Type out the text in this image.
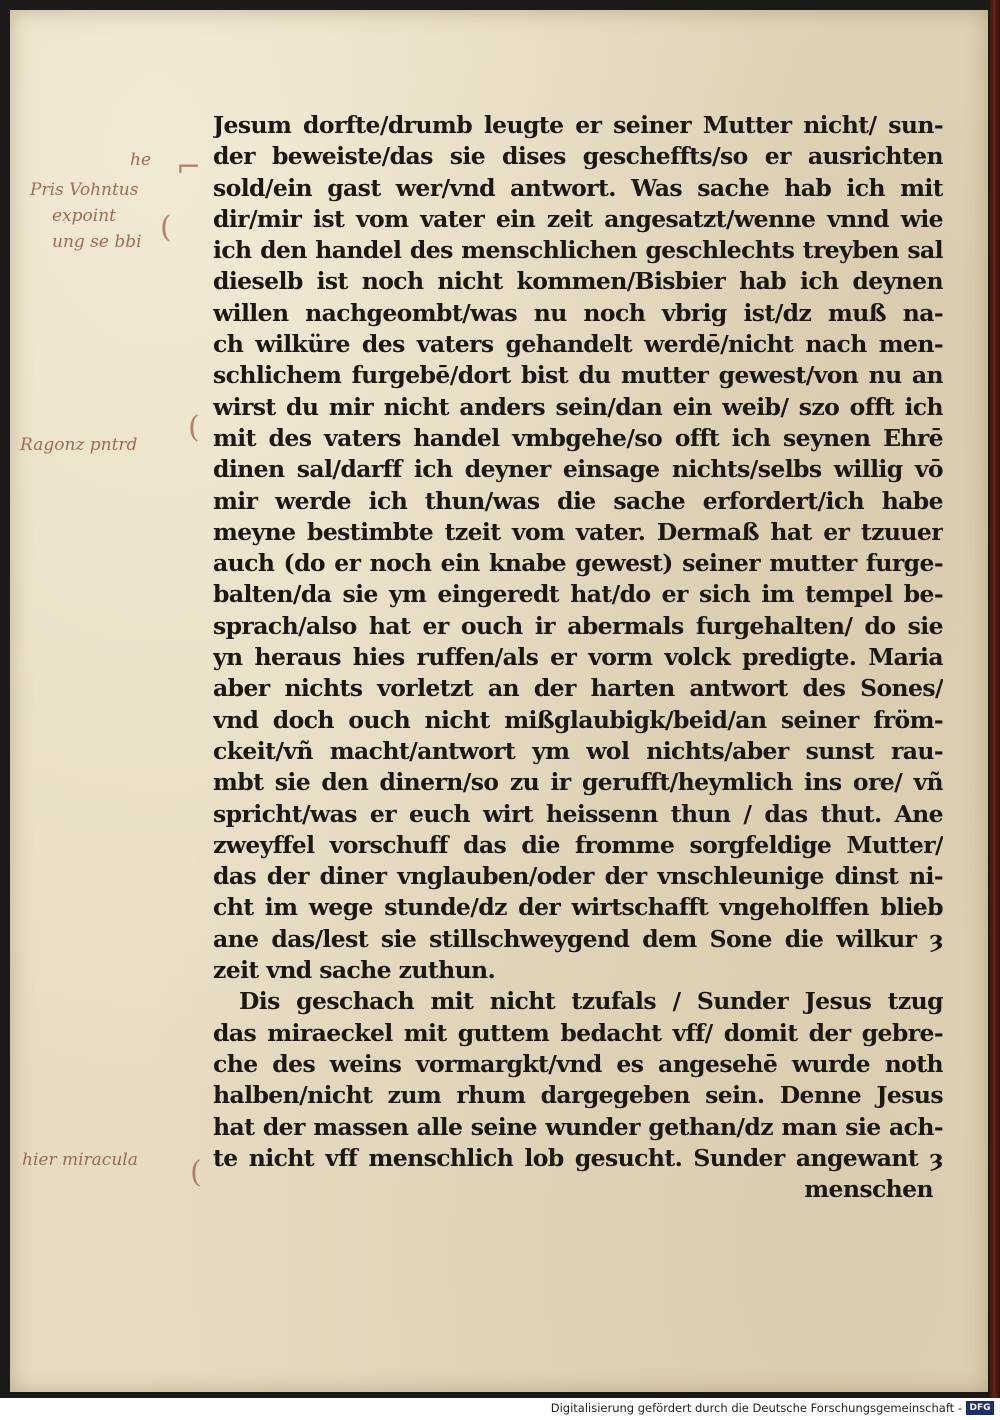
Pris Vohntus
expoint
ung se bbi
he
Ragonz pntrd
hier miracula
⌐
(
(
(
Jesum dorfte/drumb leugte er seiner Mutter nicht/ sun-
der beweiste/das sie dises gescheffts/so er ausrichten
sold/ein gast wer/vnd antwort. Was sache hab ich mit
dir/mir ist vom vater ein zeit angesatzt/wenne vnnd wie
ich den handel des menschlichen geschlechts treyben sal
dieselb ist noch nicht kommen/Bisbier hab ich deynen
willen nachgeombt/was nu noch vbrig ist/dz muß na-
ch wilküre des vaters gehandelt werdē/nicht nach men-
schlichem furgebē/dort bist du mutter gewest/von nu an
wirst du mir nicht anders sein/dan ein weib/ szo offt ich
mit des vaters handel vmbgehe/so offt ich seynen Ehrē
dinen sal/darff ich deyner einsage nichts/selbs willig vō
mir werde ich thun/was die sache erfordert/ich habe
meyne bestimbte tzeit vom vater. Dermaß hat er tzuuer
auch (do er noch ein knabe gewest) seiner mutter furge-
balten/da sie ym eingeredt hat/do er sich im tempel be-
sprach/also hat er ouch ir abermals furgehalten/ do sie
yn heraus hies ruffen/als er vorm volck predigte. Maria
aber nichts vorletzt an der harten antwort des Sones/
vnd doch ouch nicht mißglaubigk/beid/an seiner fröm-
ckeit/vñ macht/antwort ym wol nichts/aber sunst rau-
mbt sie den dinern/so zu ir gerufft/heymlich ins ore/ vñ
spricht/was er euch wirt heissenn thun / das thut. Ane
zweyffel vorschuff das die fromme sorgfeldige Mutter/
das der diner vnglauben/oder der vnschleunige dinst ni-
cht im wege stunde/dz der wirtschafft vngeholffen blieb
ane das/lest sie stillschweygend dem Sone die wilkur ȝ
zeit vnd sache zuthun.
Dis geschach mit nicht tzufals / Sunder Jesus tzug
das miraeckel mit guttem bedacht vff/ domit der gebre-
che des weins vormargkt/vnd es angesehē wurde noth
halben/nicht zum rhum dargegeben sein. Denne Jesus
hat der massen alle seine wunder gethan/dz man sie ach-
te nicht vff menschlich lob gesucht. Sunder angewant ȝ
menschen
Digitalisierung gefördert durch die Deutsche Forschungsgemeinschaft - DFG
